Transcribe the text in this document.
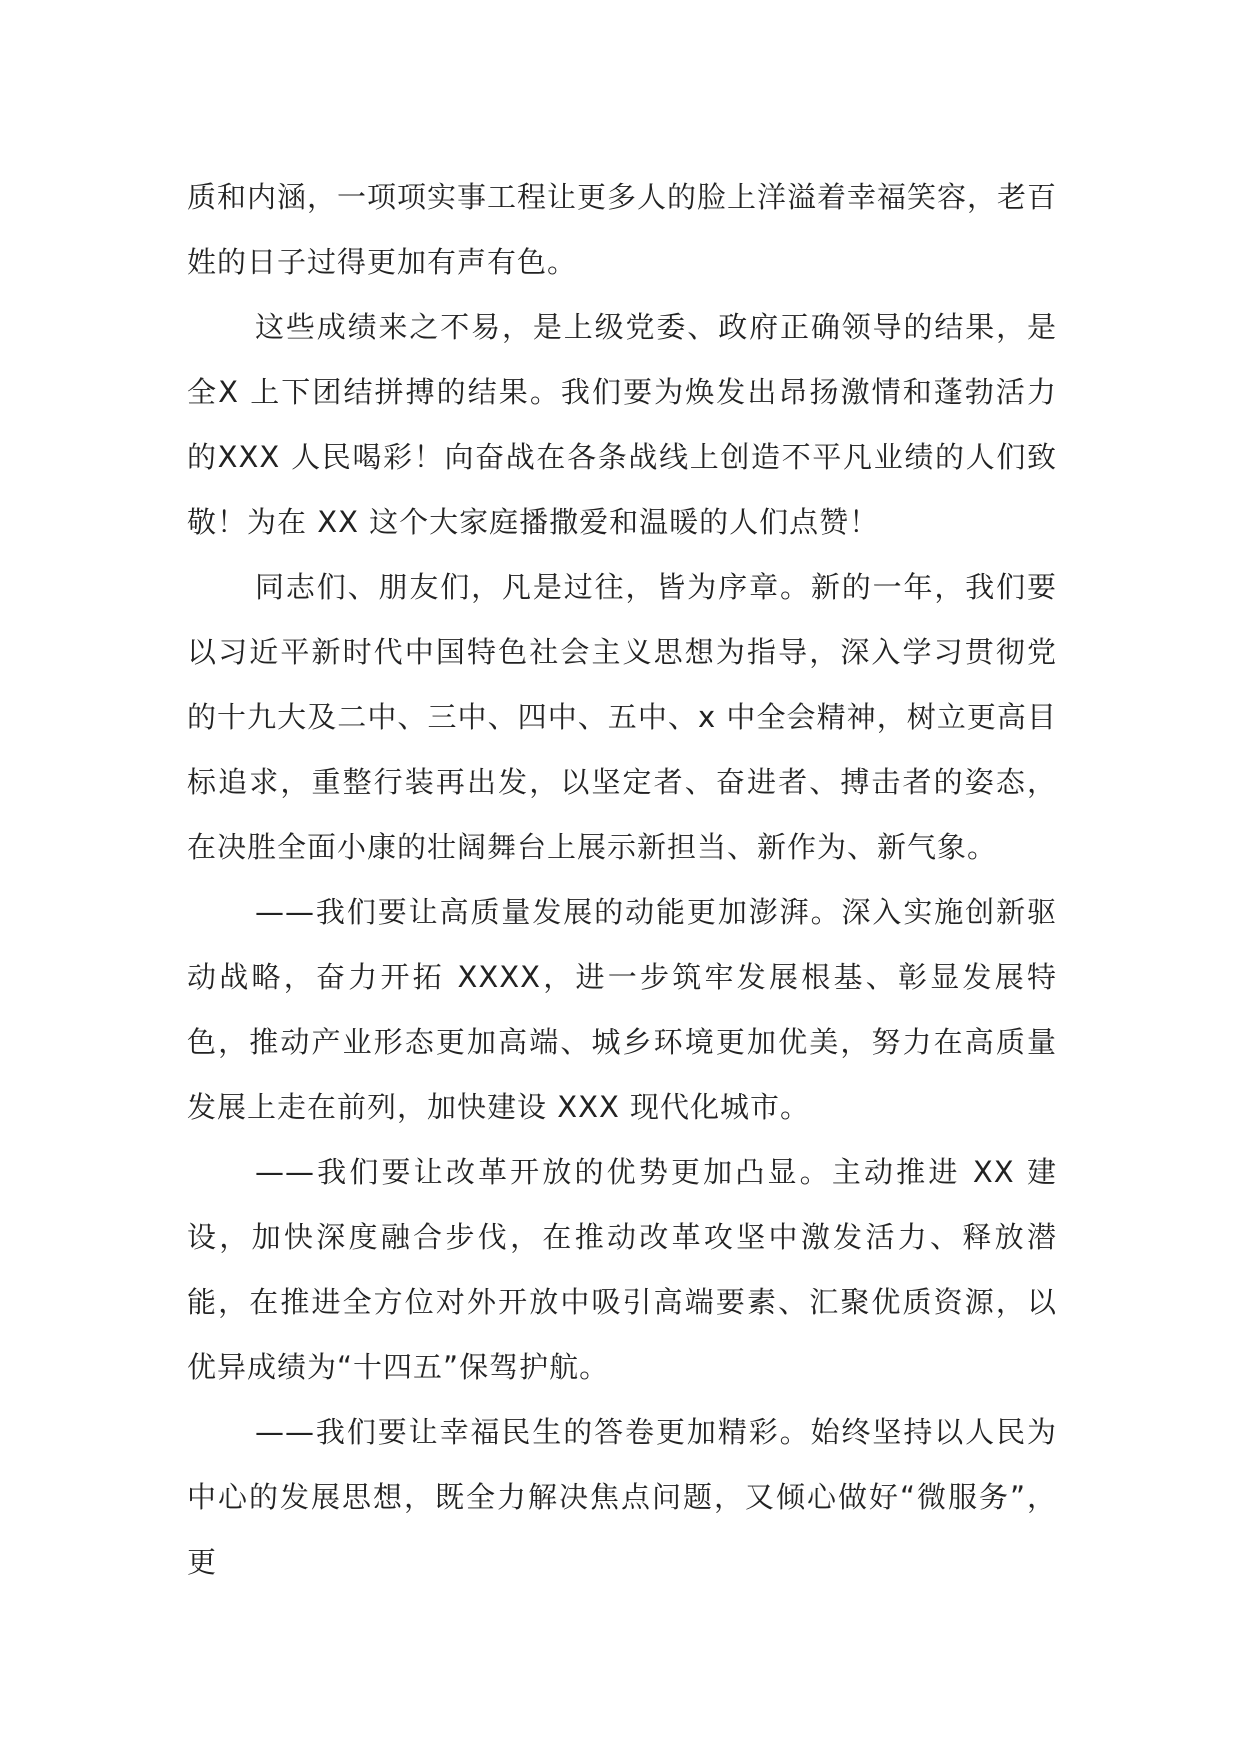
质和内涵，一项项实事工程让更多人的脸上洋溢着幸福笑容，老百姓的日子过得更加有声有色。

这些成绩来之不易，是上级党委、政府正确领导的结果，是全X 上下团结拼搏的结果。我们要为焕发出昂扬激情和蓬勃活力的XXX 人民喝彩！向奋战在各条战线上创造不平凡业绩的人们致敬！为在 XX 这个大家庭播撒爱和温暖的人们点赞！

同志们、朋友们，凡是过往，皆为序章。新的一年，我们要以习近平新时代中国特色社会主义思想为指导，深入学习贯彻党的十九大及二中、三中、四中、五中、x 中全会精神，树立更高目标追求，重整行装再出发，以坚定者、奋进者、搏击者的姿态，在决胜全面小康的壮阔舞台上展示新担当、新作为、新气象。

——我们要让高质量发展的动能更加澎湃。深入实施创新驱动战略，奋力开拓 XXXX，进一步筑牢发展根基、彰显发展特色，推动产业形态更加高端、城乡环境更加优美，努力在高质量发展上走在前列，加快建设 XXX 现代化城市。

——我们要让改革开放的优势更加凸显。主动推进 XX 建设，加快深度融合步伐，在推动改革攻坚中激发活力、释放潜能，在推进全方位对外开放中吸引高端要素、汇聚优质资源，以优异成绩为“十四五”保驾护航。

——我们要让幸福民生的答卷更加精彩。始终坚持以人民为中心的发展思想，既全力解决焦点问题，又倾心做好“微服务”，更
